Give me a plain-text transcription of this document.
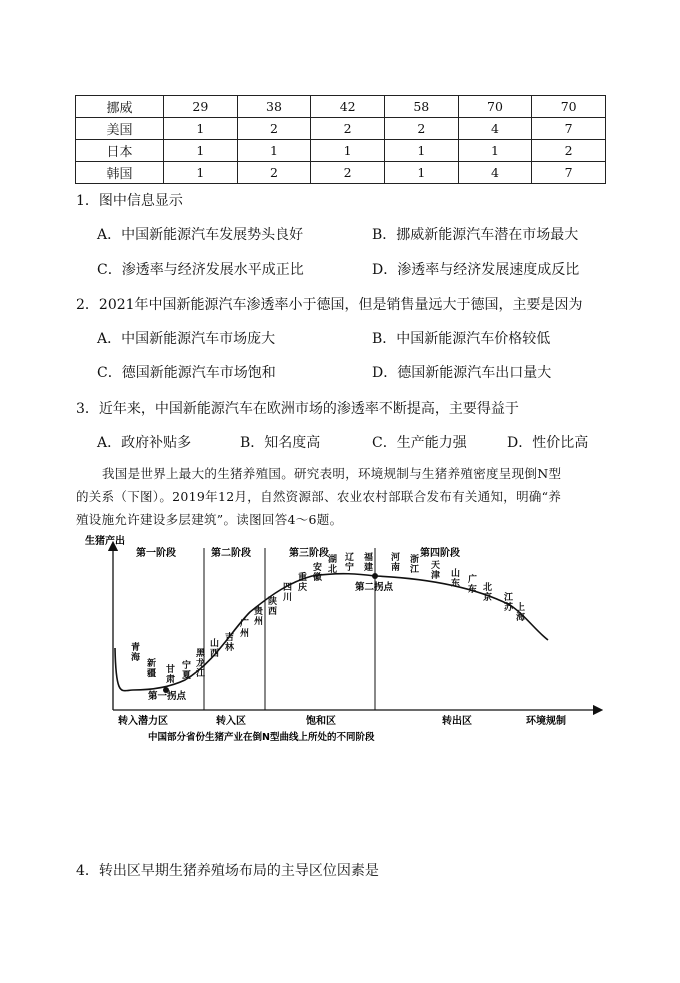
挪威	29	38	42	58	70	70
美国	1	2	2	2	4	7
日本	1	1	1	1	1	2
韩国	1	2	2	1	4	7
1．图中信息显示
A．中国新能源汽车发展势头良好	B．挪威新能源汽车潜在市场最大
C．渗透率与经济发展水平成正比	D．渗透率与经济发展速度成反比
2．2021年中国新能源汽车渗透率小于德国，但是销售量远大于德国，主要是因为
A．中国新能源汽车市场庞大	B．中国新能源汽车价格较低
C．德国新能源汽车市场饱和	D．德国新能源汽车出口量大
3．近年来，中国新能源汽车在欧洲市场的渗透率不断提高，主要得益于
A．政府补贴多	B．知名度高	C．生产能力强	D．性价比高
我国是世界上最大的生猪养殖国。研究表明，环境规制与生猪养殖密度呈现倒N型
的关系（下图）。2019年12月，自然资源部、农业农村部联合发布有关通知，明确“养
殖设施允许建设多层建筑”。读图回答4～6题。
生猪产出
环境规制
第一阶段	第二阶段	第三阶段	第四阶段
第一拐点
第二拐点
转入潜力区	转入区	饱和区	转出区
青海
新疆 甘肃
宁夏
黑龙江
山西
吉林
广州
贵州
陕西
四川
重庆
安徽
湖北
辽宁
福建
河南
浙江 天津 山东 广东 北京 江苏 上海
中国部分省份生猪产业在倒N型曲线上所处的不同阶段
4．转出区早期生猪养殖场布局的主导区位因素是
